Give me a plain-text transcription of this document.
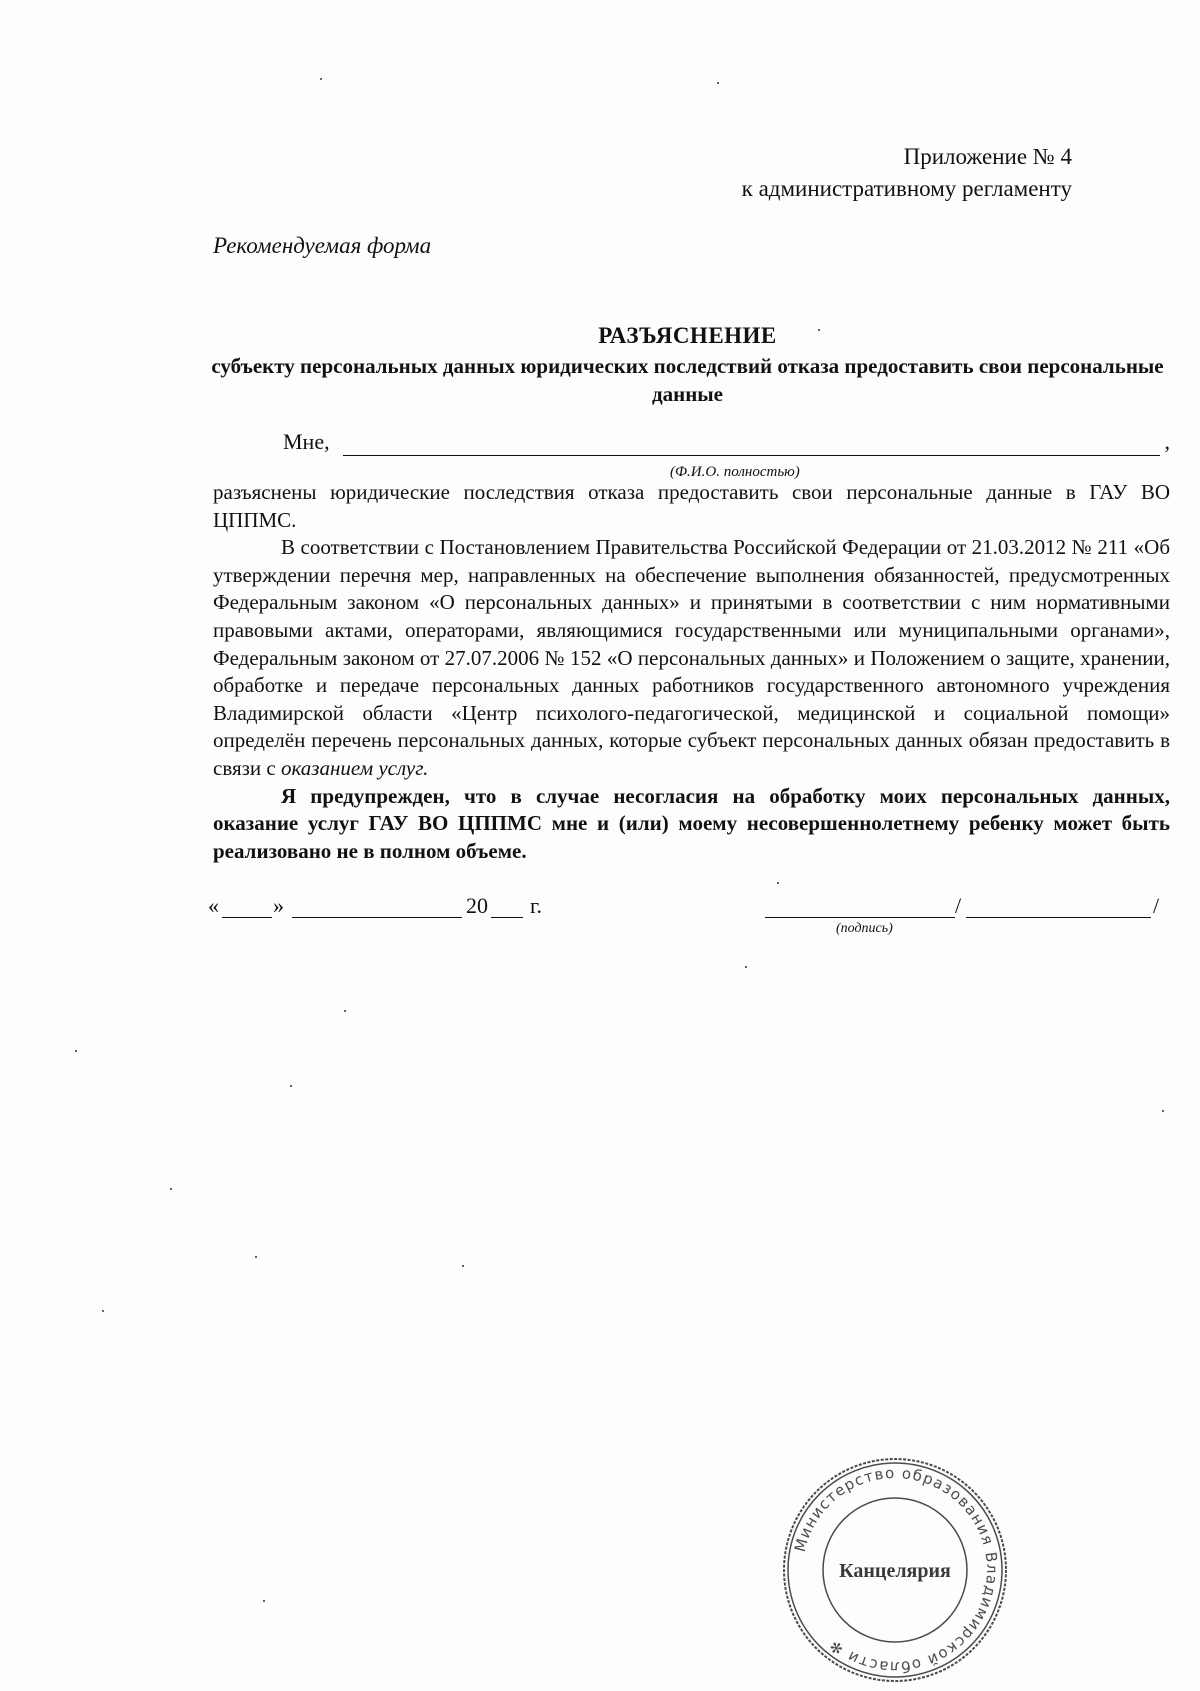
Приложение № 4
к административному регламенту
Рекомендуемая форма
РАЗЪЯСНЕНИЕ
субъекту персональных данных юридических последствий отказа предоставить свои персональные данные
Мне,	,
(Ф.И.О. полностью)

разъяснены юридические последствия отказа предоставить свои персональные данные в ГАУ ВО ЦППМС.

В соответствии с Постановлением Правительства Российской Федерации от 21.03.2012 № 211 «Об утверждении перечня мер, направленных на обеспечение выполнения обязанностей, предусмотренных Федеральным законом «О персональных данных» и принятыми в соответствии с ним нормативными правовыми актами, операторами, являющимися государственными или муниципальными органами», Федеральным законом от 27.07.2006 № 152 «О персональных данных» и Положением о защите, хранении, обработке и передаче персональных данных работников государственного автономного учреждения Владимирской области «Центр психолого-педагогической, медицинской и социальной помощи» определён перечень персональных данных, которые субъект персональных данных обязан предоставить в связи с оказанием услуг.

Я предупрежден, что в случае несогласия на обработку моих персональных данных, оказание услуг ГАУ ВО ЦППМС мне и (или) моему несовершеннолетнему ребенку может быть реализовано не в полном объеме.

« »	20 г.	/	/
(подпись)
Министерство образования Владимирской области ✻
Канцелярия
